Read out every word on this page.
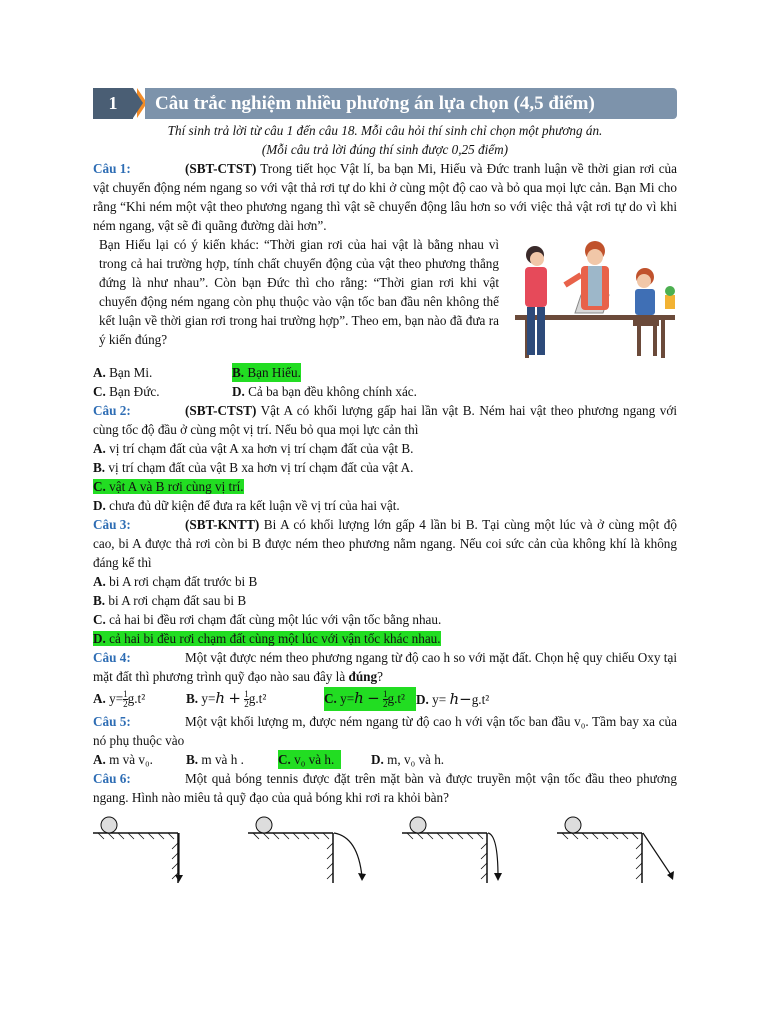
1	Câu trắc nghiệm nhiều phương án lựa chọn (4,5 điểm)

Thí sinh trả lời từ câu 1 đến câu 18. Mỗi câu hỏi thí sinh chỉ chọn một phương án.

(Mỗi câu trả lời đúng thí sinh được 0,25 điểm)

Câu 1:	(SBT-CTST) Trong tiết học Vật lí, ba bạn Mi, Hiếu và Đức tranh luận về thời gian rơi của vật chuyển động ném ngang so với vật thả rơi tự do khi ở cùng một độ cao và bỏ qua mọi lực cản. Bạn Mi cho rằng “Khi ném một vật theo phương ngang thì vật sẽ chuyển động lâu hơn so với việc thả vật rơi tự do vì khi ném ngang, vật sẽ đi quãng đường dài hơn”.

Bạn Hiếu lại có ý kiến khác: “Thời gian rơi của hai vật là bằng nhau vì trong cả hai trường hợp, tính chất chuyển động của vật theo phương thẳng đứng là như nhau”. Còn bạn Đức thì cho rằng: “Thời gian rơi khi vật chuyển động ném ngang còn phụ thuộc vào vận tốc ban đầu nên không thể kết luận về thời gian rơi trong hai trường hợp”. Theo em, bạn nào đã đưa ra ý kiến đúng?

A. Bạn Mi.	B. Bạn Hiếu.
C. Bạn Đức.	D. Cả ba bạn đều không chính xác.

Câu 2:	(SBT-CTST) Vật A có khối lượng gấp hai lần vật B. Ném hai vật theo phương ngang với cùng tốc độ đầu ở cùng một vị trí. Nếu bỏ qua mọi lực cản thì

A. vị trí chạm đất của vật A xa hơn vị trí chạm đất của vật B.

B. vị trí chạm đất của vật B xa hơn vị trí chạm đất của vật A.

C. vật A và B rơi cùng vị trí.

D. chưa đủ dữ kiện để đưa ra kết luận về vị trí của hai vật.

Câu 3:	(SBT-KNTT) Bi A có khối lượng lớn gấp 4 lần bi B. Tại cùng một lúc và ở cùng một độ cao, bi A được thả rơi còn bi B được ném theo phương nằm ngang. Nếu coi sức cản của không khí là không đáng kể thì

A. bi A rơi chạm đất trước bi B

B. bi A rơi chạm đất sau bi B

C. cả hai bi đều rơi chạm đất cùng một lúc với vận tốc bằng nhau.

D. cả hai bi đều rơi chạm đất cùng một lúc với vận tốc khác nhau.

Câu 4:	Một vật được ném theo phương ngang từ độ cao h so với mặt đất. Chọn hệ quy chiếu Oxy tại mặt đất thì phương trình quỹ đạo nào sau đây là đúng?

A. $y= \frac{1}{2} g.t^2$	B. $y=h + \frac{1}{2} g.t^2$	C. $y=h - \frac{1}{2} g.t^2$ D. y= h−g.t²

Câu 5:	Một vật khối lượng m, được ném ngang từ độ cao h với vận tốc ban đầu v₀. Tầm bay xa của nó phụ thuộc vào

A. m và v₀.	B. m và h .	C. v₀ và h.	D. m, v₀ và h.

Câu 6:	Một quả bóng tennis được đặt trên mặt bàn và được truyền một vận tốc đầu theo phương ngang. Hình nào miêu tả quỹ đạo của quả bóng khi rơi ra khỏi bàn?
